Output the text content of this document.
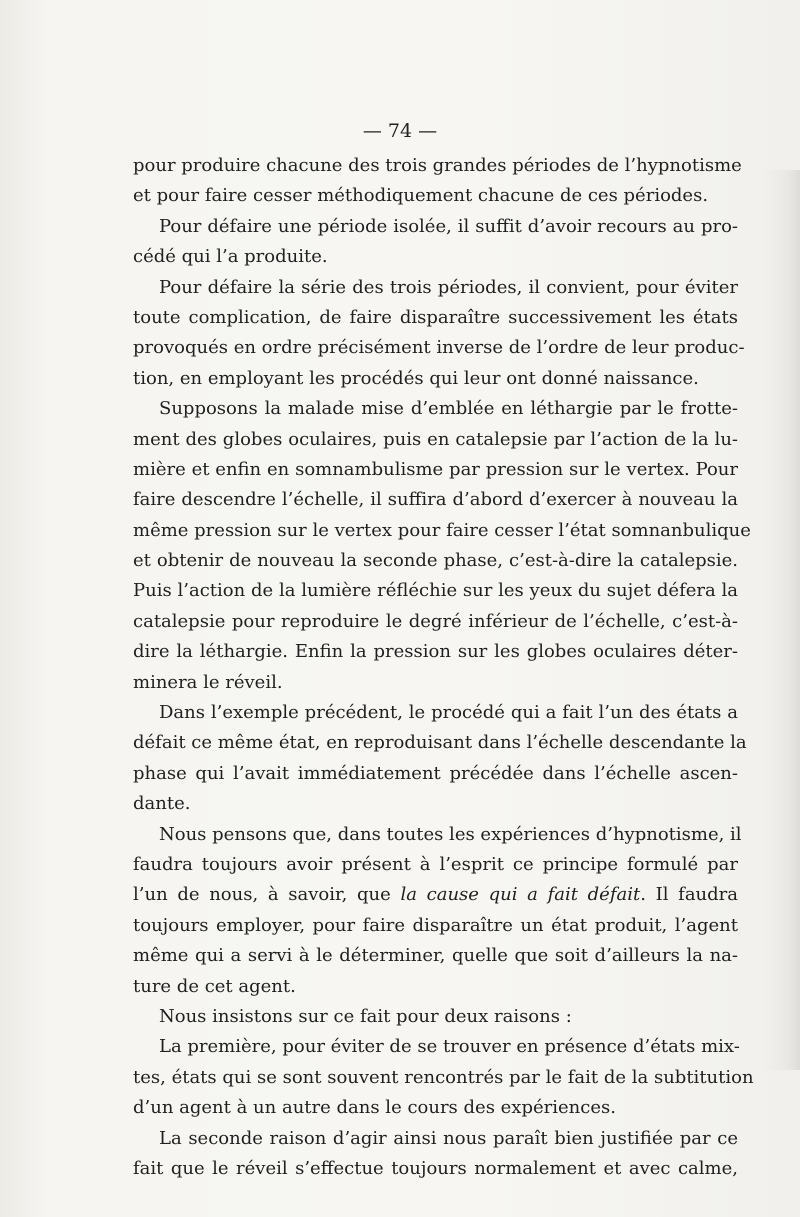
— 74 —
pour produire chacune des trois grandes périodes de l’hypnotisme
et pour faire cesser méthodiquement chacune de ces périodes.
Pour défaire une période isolée, il suffit d’avoir recours au pro-
cédé qui l’a produite.
Pour défaire la série des trois périodes, il convient, pour éviter
toute complication, de faire disparaître successivement les états
provoqués en ordre précisément inverse de l’ordre de leur produc-
tion, en employant les procédés qui leur ont donné naissance.
Supposons la malade mise d’emblée en léthargie par le frotte-
ment des globes oculaires, puis en catalepsie par l’action de la lu-
mière et enfin en somnambulisme par pression sur le vertex. Pour
faire descendre l’échelle, il suffira d’abord d’exercer à nouveau la
même pression sur le vertex pour faire cesser l’état somnanbulique
et obtenir de nouveau la seconde phase, c’est-à-dire la catalepsie.
Puis l’action de la lumière réfléchie sur les yeux du sujet défera la
catalepsie pour reproduire le degré inférieur de l’échelle, c’est-à-
dire la léthargie. Enfin la pression sur les globes oculaires déter-
minera le réveil.
Dans l’exemple précédent, le procédé qui a fait l’un des états a
défait ce même état, en reproduisant dans l’échelle descendante la
phase qui l’avait immédiatement précédée dans l’échelle ascen-
dante.
Nous pensons que, dans toutes les expériences d’hypnotisme, il
faudra toujours avoir présent à l’esprit ce principe formulé par
l’un de nous, à savoir, que la cause qui a fait défait. Il faudra
toujours employer, pour faire disparaître un état produit, l’agent
même qui a servi à le déterminer, quelle que soit d’ailleurs la na-
ture de cet agent.
Nous insistons sur ce fait pour deux raisons :
La première, pour éviter de se trouver en présence d’états mix-
tes, états qui se sont souvent rencontrés par le fait de la subtitution
d’un agent à un autre dans le cours des expériences.
La seconde raison d’agir ainsi nous paraît bien justifiée par ce
fait que le réveil s’effectue toujours normalement et avec calme,
